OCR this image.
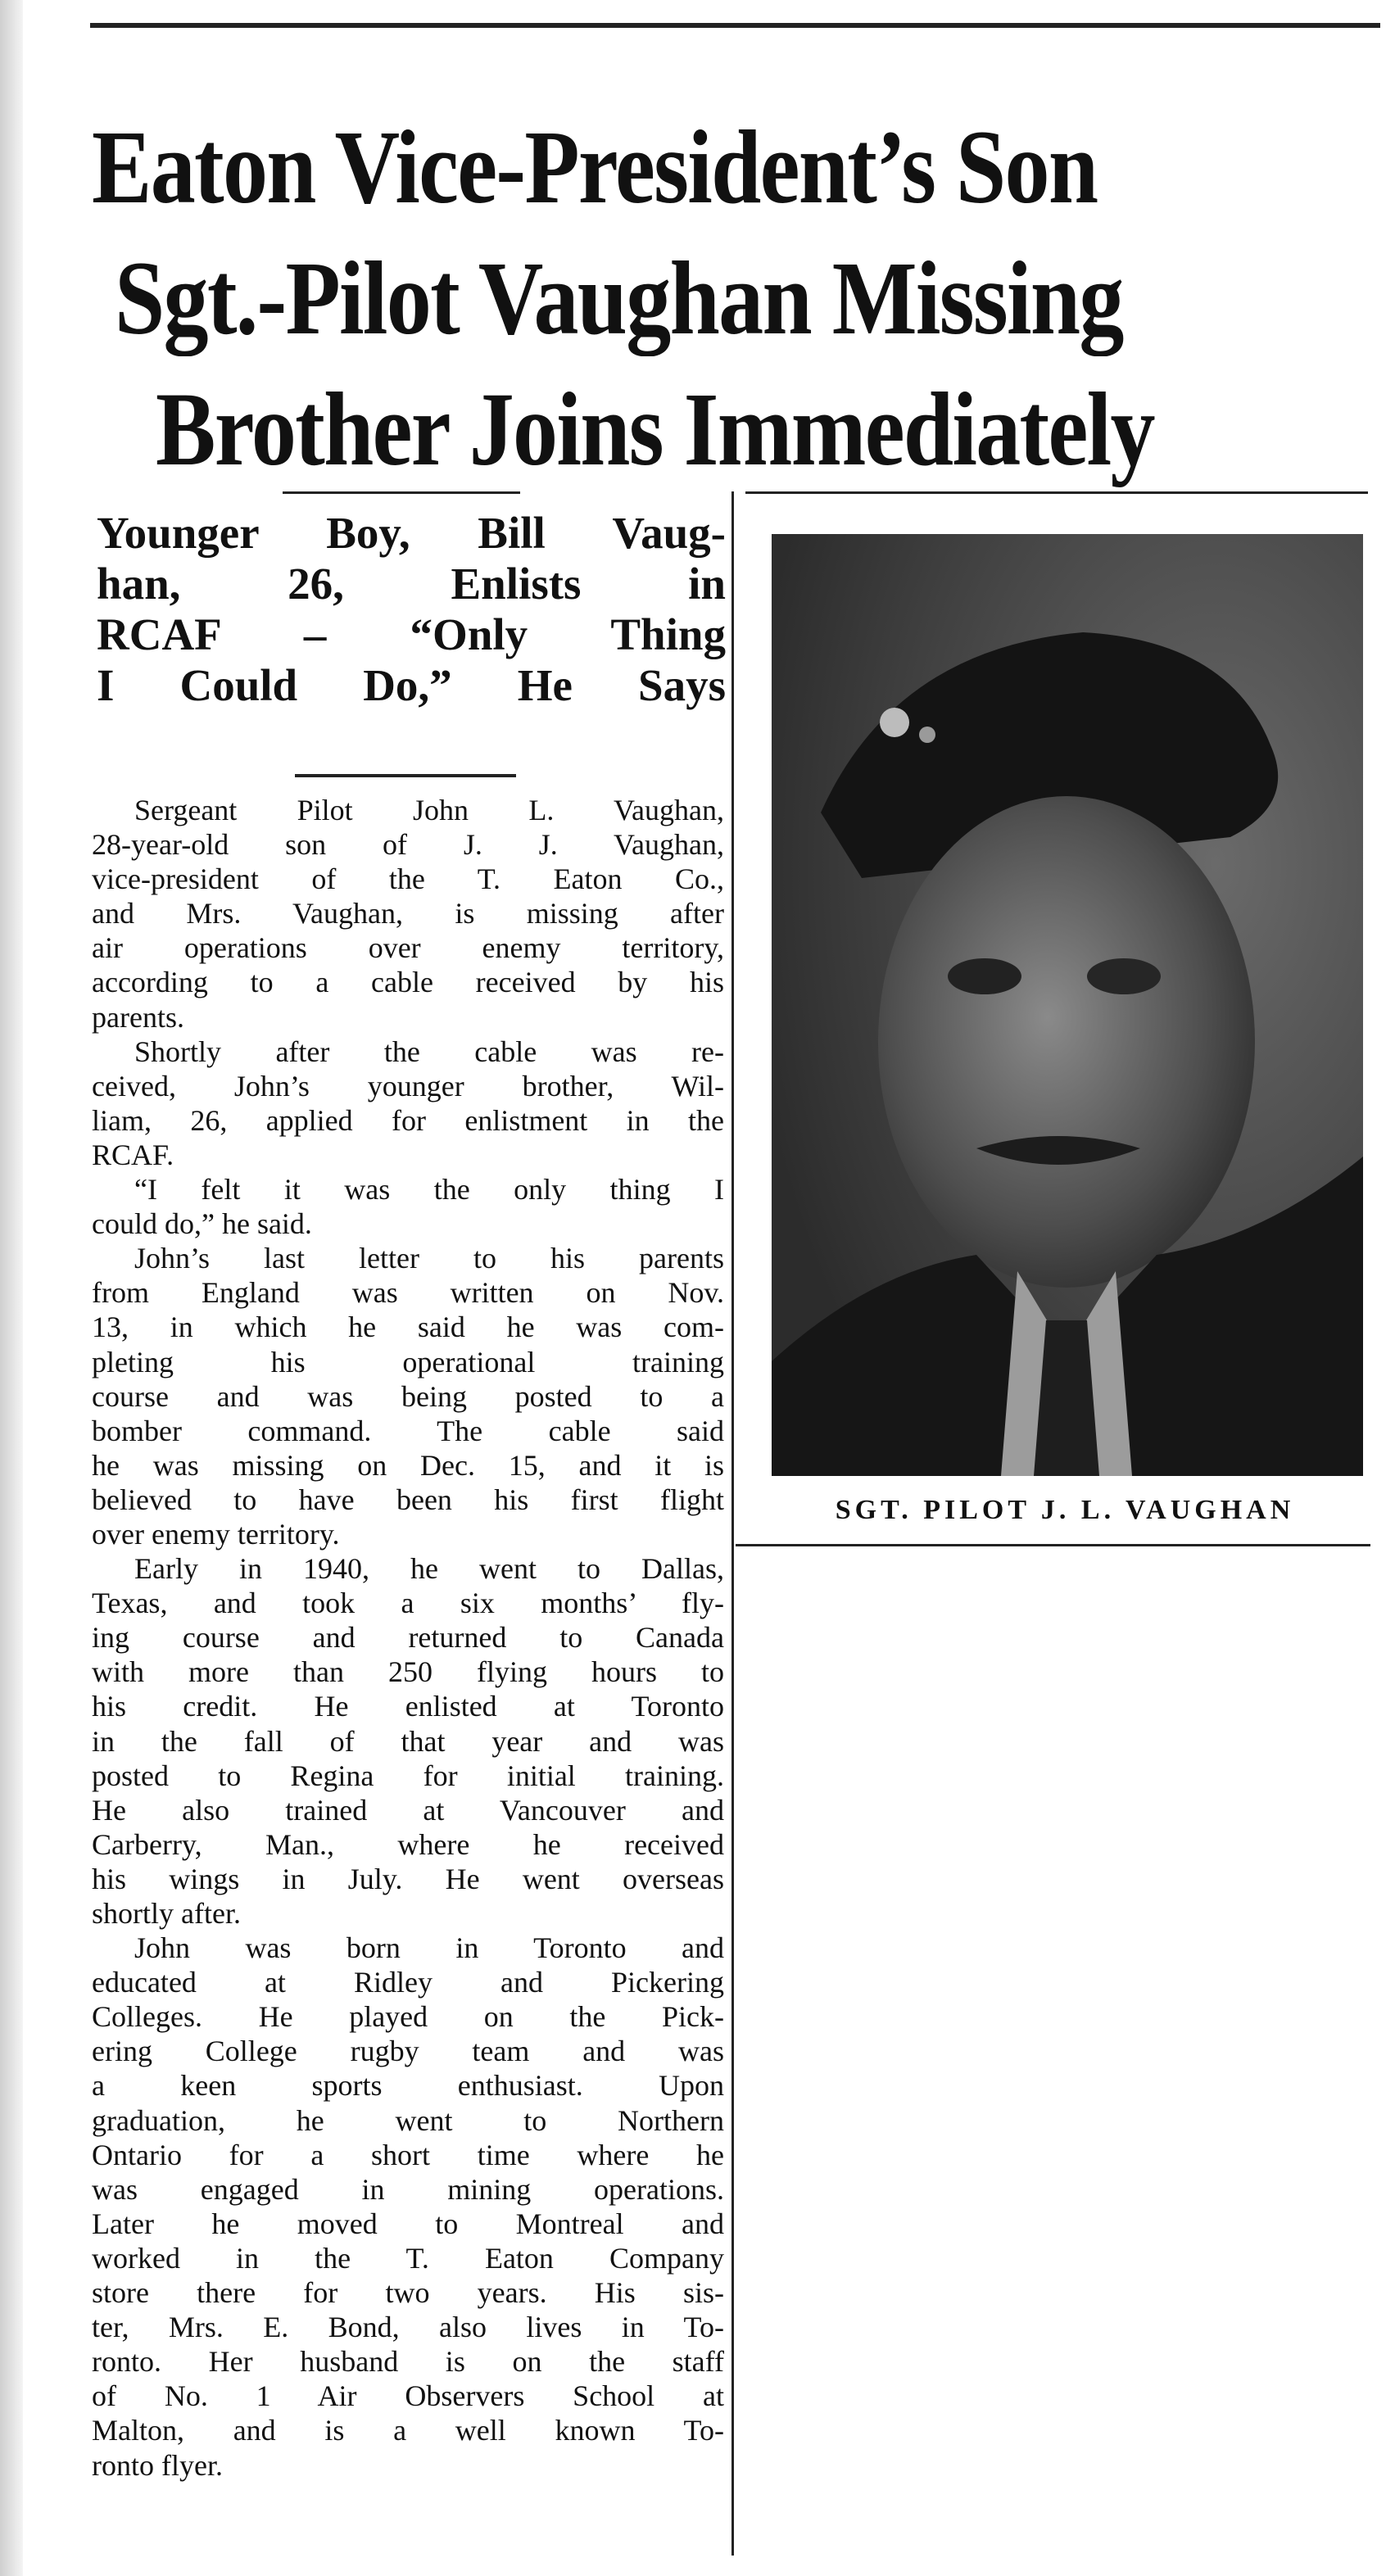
Eaton Vice-President’s Son
Sgt.-Pilot Vaughan Missing
Brother Joins Immediately
Younger Boy, Bill Vaug-
han, 26, Enlists in
RCAF – “Only Thing
I Could Do,” He Says
Sergeant Pilot John L. Vaughan,
28-year-old son of J. J. Vaughan,
vice-president of the T. Eaton Co.,
and Mrs. Vaughan, is missing after
air operations over enemy territory,
according to a cable received by his
parents.
Shortly after the cable was re-
ceived, John’s younger brother, Wil-
liam, 26, applied for enlistment in the
RCAF.
“I felt it was the only thing I
could do,” he said.
John’s last letter to his parents
from England was written on Nov.
13, in which he said he was com-
pleting his operational training
course and was being posted to a
bomber command. The cable said
he was missing on Dec. 15, and it is
believed to have been his first flight
over enemy territory.
Early in 1940, he went to Dallas,
Texas, and took a six months’ fly-
ing course and returned to Canada
with more than 250 flying hours to
his credit. He enlisted at Toronto
in the fall of that year and was
posted to Regina for initial training.
He also trained at Vancouver and
Carberry, Man., where he received
his wings in July. He went overseas
shortly after.
John was born in Toronto and
educated at Ridley and Pickering
Colleges. He played on the Pick-
ering College rugby team and was
a keen sports enthusiast. Upon
graduation, he went to Northern
Ontario for a short time where he
was engaged in mining operations.
Later he moved to Montreal and
worked in the T. Eaton Company
store there for two years. His sis-
ter, Mrs. E. Bond, also lives in To-
ronto. Her husband is on the staff
of No. 1 Air Observers School at
Malton, and is a well known To-
ronto flyer.
SGT. PILOT J. L. VAUGHAN
